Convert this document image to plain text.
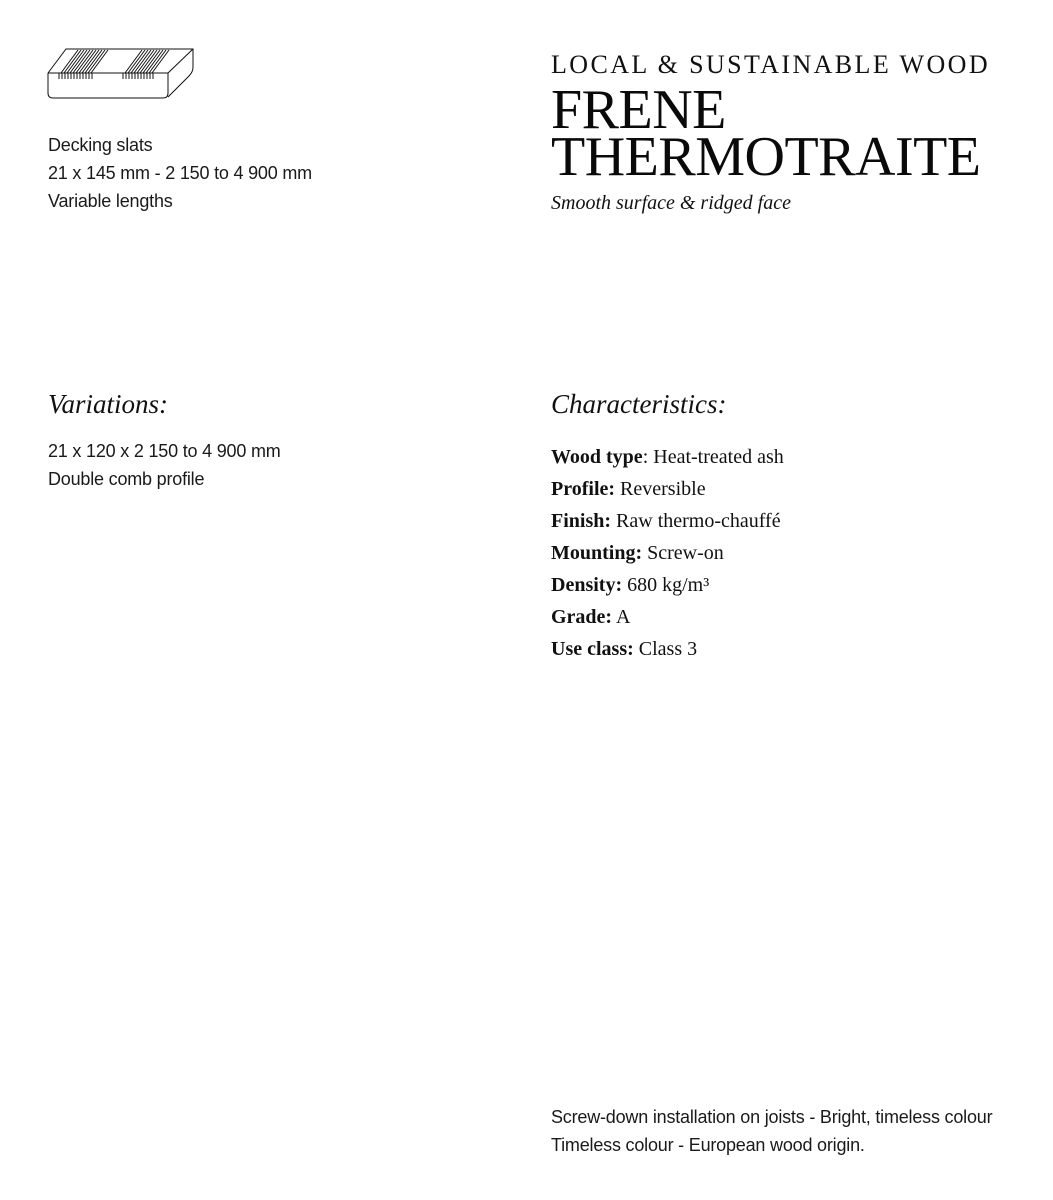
Decking slats
21 x 145 mm - 2 150 to 4 900 mm
Variable lengths
LOCAL & SUSTAINABLE WOOD
FRENE
THERMOTRAITE
Smooth surface & ridged face
Variations:
21 x 120 x 2 150 to 4 900 mm
Double comb profile
Characteristics:
Wood type: Heat-treated ash
Profile: Reversible
Finish: Raw thermo-chauffé
Mounting: Screw-on
Density: 680 kg/m³
Grade: A
Use class: Class 3
Screw-down installation on joists - Bright, timeless colour
Timeless colour - European wood origin.
